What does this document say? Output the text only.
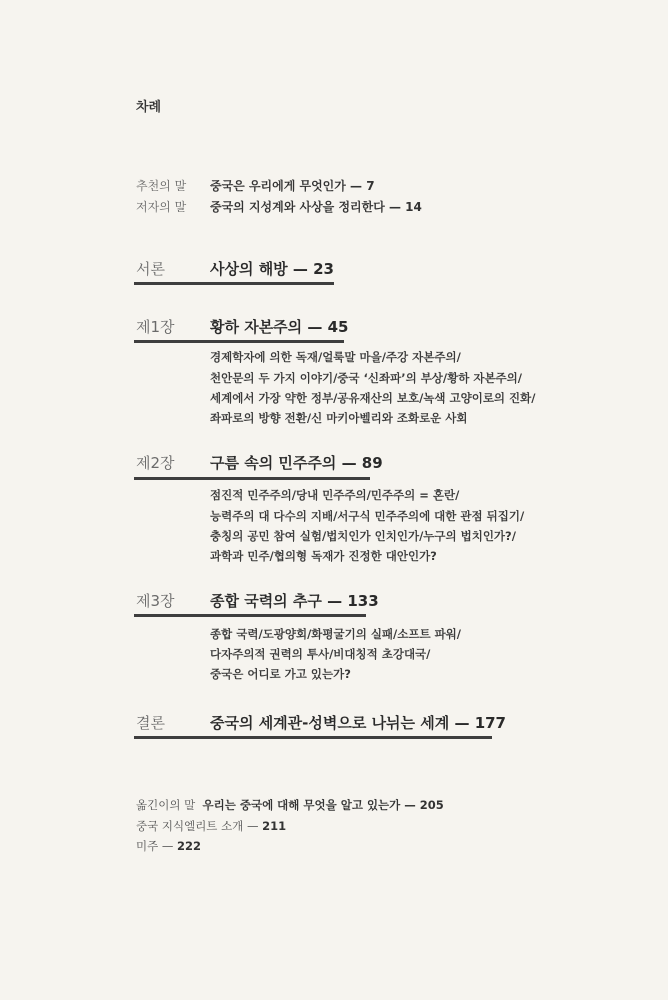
차례
추천의 말 중국은 우리에게 무엇인가 — 7
저자의 말 중국의 지성계와 사상을 정리한다 — 14
서론	사상의 해방 — 23
제1장 황하 자본주의 — 45
경제학자에 의한 독재/얼룩말 마을/주강 자본주의/
천안문의 두 가지 이야기/중국 ‘신좌파’의 부상/황하 자본주의/
세계에서 가장 약한 정부/공유재산의 보호/녹색 고양이로의 진화/
좌파로의 방향 전환/신 마키아벨리와 조화로운 사회
제2장 구름 속의 민주주의 — 89
점진적 민주주의/당내 민주주의/민주주의 = 혼란/
능력주의 대 다수의 지배/서구식 민주주의에 대한 관점 뒤집기/
충칭의 공민 참여 실험/법치인가 인치인가/누구의 법치인가?/
과학과 민주/협의형 독재가 진정한 대안인가?
제3장 종합 국력의 추구 — 133
종합 국력/도광양회/화평굴기의 실패/소프트 파워/
다자주의적 권력의 투사/비대칭적 초강대국/
중국은 어디로 가고 있는가?
결론	중국의 세계관-성벽으로 나뉘는 세계 — 177
옮긴이의 말 우리는 중국에 대해 무엇을 알고 있는가 — 205
중국 지식엘리트 소개 — 211
미주 — 222
